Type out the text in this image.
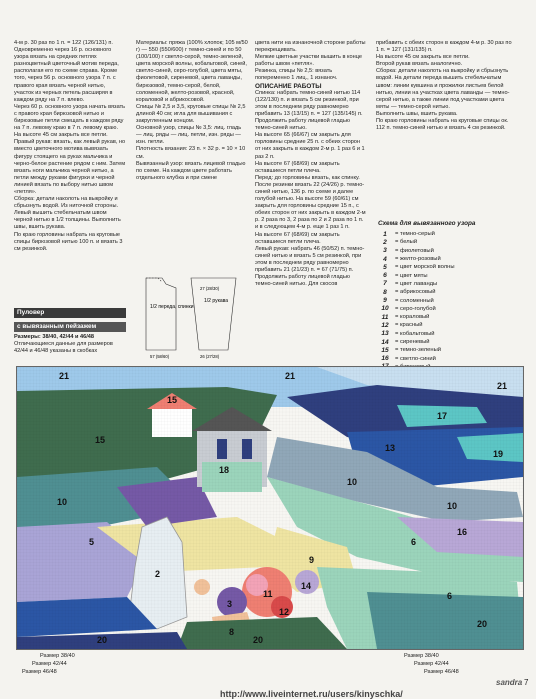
4-м р. 30 раз по 1 п. = 122 (126/131) п.

Одновременно через 16 р. основного узора вязать на средних петлях разноцветный цветочный мотив переда, располагая его по схеме справа. Кроме того, через 56 р. основного узора 7 п. с правого края вязать черной нитью, участок из черных петель расширяя в каждом ряду на 7 п. влево.

Через 60 р. основного узора начать вязать с правого края бирюзовой нитью и бирюзовые петли смещать в каждом ряду на 7 п. левому краю в 7 п. левому краю.

На высоте 45 см закрыть все петли.

Правый рукав: вязать, как левый рукав, но вместо цветочного мотива вывязать фигуру стоящего на руках мальчика и черно-белое растение рядом с ним. Затем вязать ноги мальчика черной нитью, а петли между руками фигурки и черной линией вязать по выбору нитью швом «петля».

Сборка: детали наколоть на выкройку и сбрызнуть водой. Из ниточной стороны. Левый вышить стебельчатым швом черной нитью в 1/2 толщины. Выполнить швы, вшить рукава.

По краю горловины набрать на круговые спицы бирюзовой нитью 100 п. и вязать 3 см резинкой.

Пуловер
с вывязанным пейзажем

Размеры: 38/40, 42/44 и 46/48

Отличающиеся данные для размеров 42/44 и 46/48 указаны в скобках

Материалы: пряжа (100% хлопок; 105 м/50 г) — 550 (550/600) г темно-синей и по 50 (100/100) г светло-серой, темно-зеленой, цвета морской волны, кобальтовой, синей, светло-синей, серо-голубой, цвета мяты, фиолетовой, сиреневой, цвета лаванды, бирюзовой, темно-серой, белой, соломенной, желто-розовой, красной, кораловой и абрикосовой.

Спицы № 2,5 и 3,5, круговые спицы № 2,5 длиной 40 см; игла для вышивания с закругленным концом.

Основной узор, спицы № 3,5: лиц. гладь — лиц. ряды — лиц. петли, изн. ряды — изн. петли.

Плотность вязания: 23 п. × 32 р. = 10 × 10 см.

Вывязанный узор: вязать лицевой гладью по схеме. На каждом цвете работать отдельного клубка и при смене

1/2 переда, спинки
1/2 рукава
27 (28/30)
57 (58/60)	26 (27/28)

цвета нити на изнаночной стороне работы перекрещивать.

Мелкие цветные участки вышить в конце работы швом «петля».

Резинка, спицы № 2,5: вязать попеременно 1 лиц., 1 изнаноч.

ОПИСАНИЕ РАБОТЫ

Спинка: набрать темно-синей нитью 114 (122/130) п. и вязать 5 см резинкой, при этом в последнем ряду равномерно прибавить 13 (13/15) п. = 127 (135/145) п.

Продолжить работу лицевой гладью темно-синей нитью.

На высоте 65 (66/67) см закрыть для горловины средние 25 п. с обеих сторон от них закрыть в каждом 2-м р. 1 раз 6 и 1 раз 2 п.

На высоте 67 (68/69) см закрыть оставшиеся петли плеча.

Перед: до горловины вязать, как спинку. После резинки вязать 22 (24/26) р. темно-синей нитью, 136 р. по схеме и далее голубой нитью. На высоте 59 (60/61) см закрыть для горловины средние 15 п., с обеих сторон от них закрыть в каждом 2-м р. 2 раза по 3, 2 раза по 2 и 2 раза по 1 п. и в следующем 4-м р. еще 1 раз 1 п.

На высоте 67 (68/69) см закрыть оставшиеся петли плеча.

Левый рукав: набрать 46 (50/52) п. темно-синей нитью и вязать 5 см резинкой, при этом в последнем ряду равномерно прибавить 21 (21/23) п. = 67 (71/75) п.

Продолжить работу лицевой гладью темно-синей нитью. Для скосов

прибавить с обеих сторон в каждом 4-м р. 30 раз по 1 п. = 127 (131/135) п.

На высоте 45 см закрыть все петли.

Второй рукав вязать аналогично.

Сборка: детали наколоть на выкройку и сбрызнуть водой. На детали переда вышить стебельчатым швом: линии кувшина и прожилки листьев белой нитью, линии на участках цвета лаванды — темно-серой нитью, а также линии под участками цвета мяты — темно-серой нитью.

Выполнить швы, вшить рукава.

По краю горловины набрать на круговые спицы ок. 112 п. темно-синей нитью и вязать 4 см резинкой.

Схема для вывязанного узора
1	= темно-серый
2	= белый
3	= фиолетовый
4	= желто-розовый
5	= цвет морской волны
6	= цвет мяты
7	= цвет лаванды
8	= абрикосовый
9	= соломенный
10	= серо-голубой
11	= кораловый
12	= красный
13	= кобальтовый
14	= сиреневый
15	= темно-зеленый
16	= светло-синий
21
21
21
15
15
13
10	10
10
18
5	6
6
17
19
9
11
16
14
2
8
12
3
20	20
20
Размер 38/40
Размер 42/44
Размер 46/48
Размер 38/40
Размер 42/44
Размер 46/48
sandra 7
http://www.liveinternet.ru/users/kinyschka/
